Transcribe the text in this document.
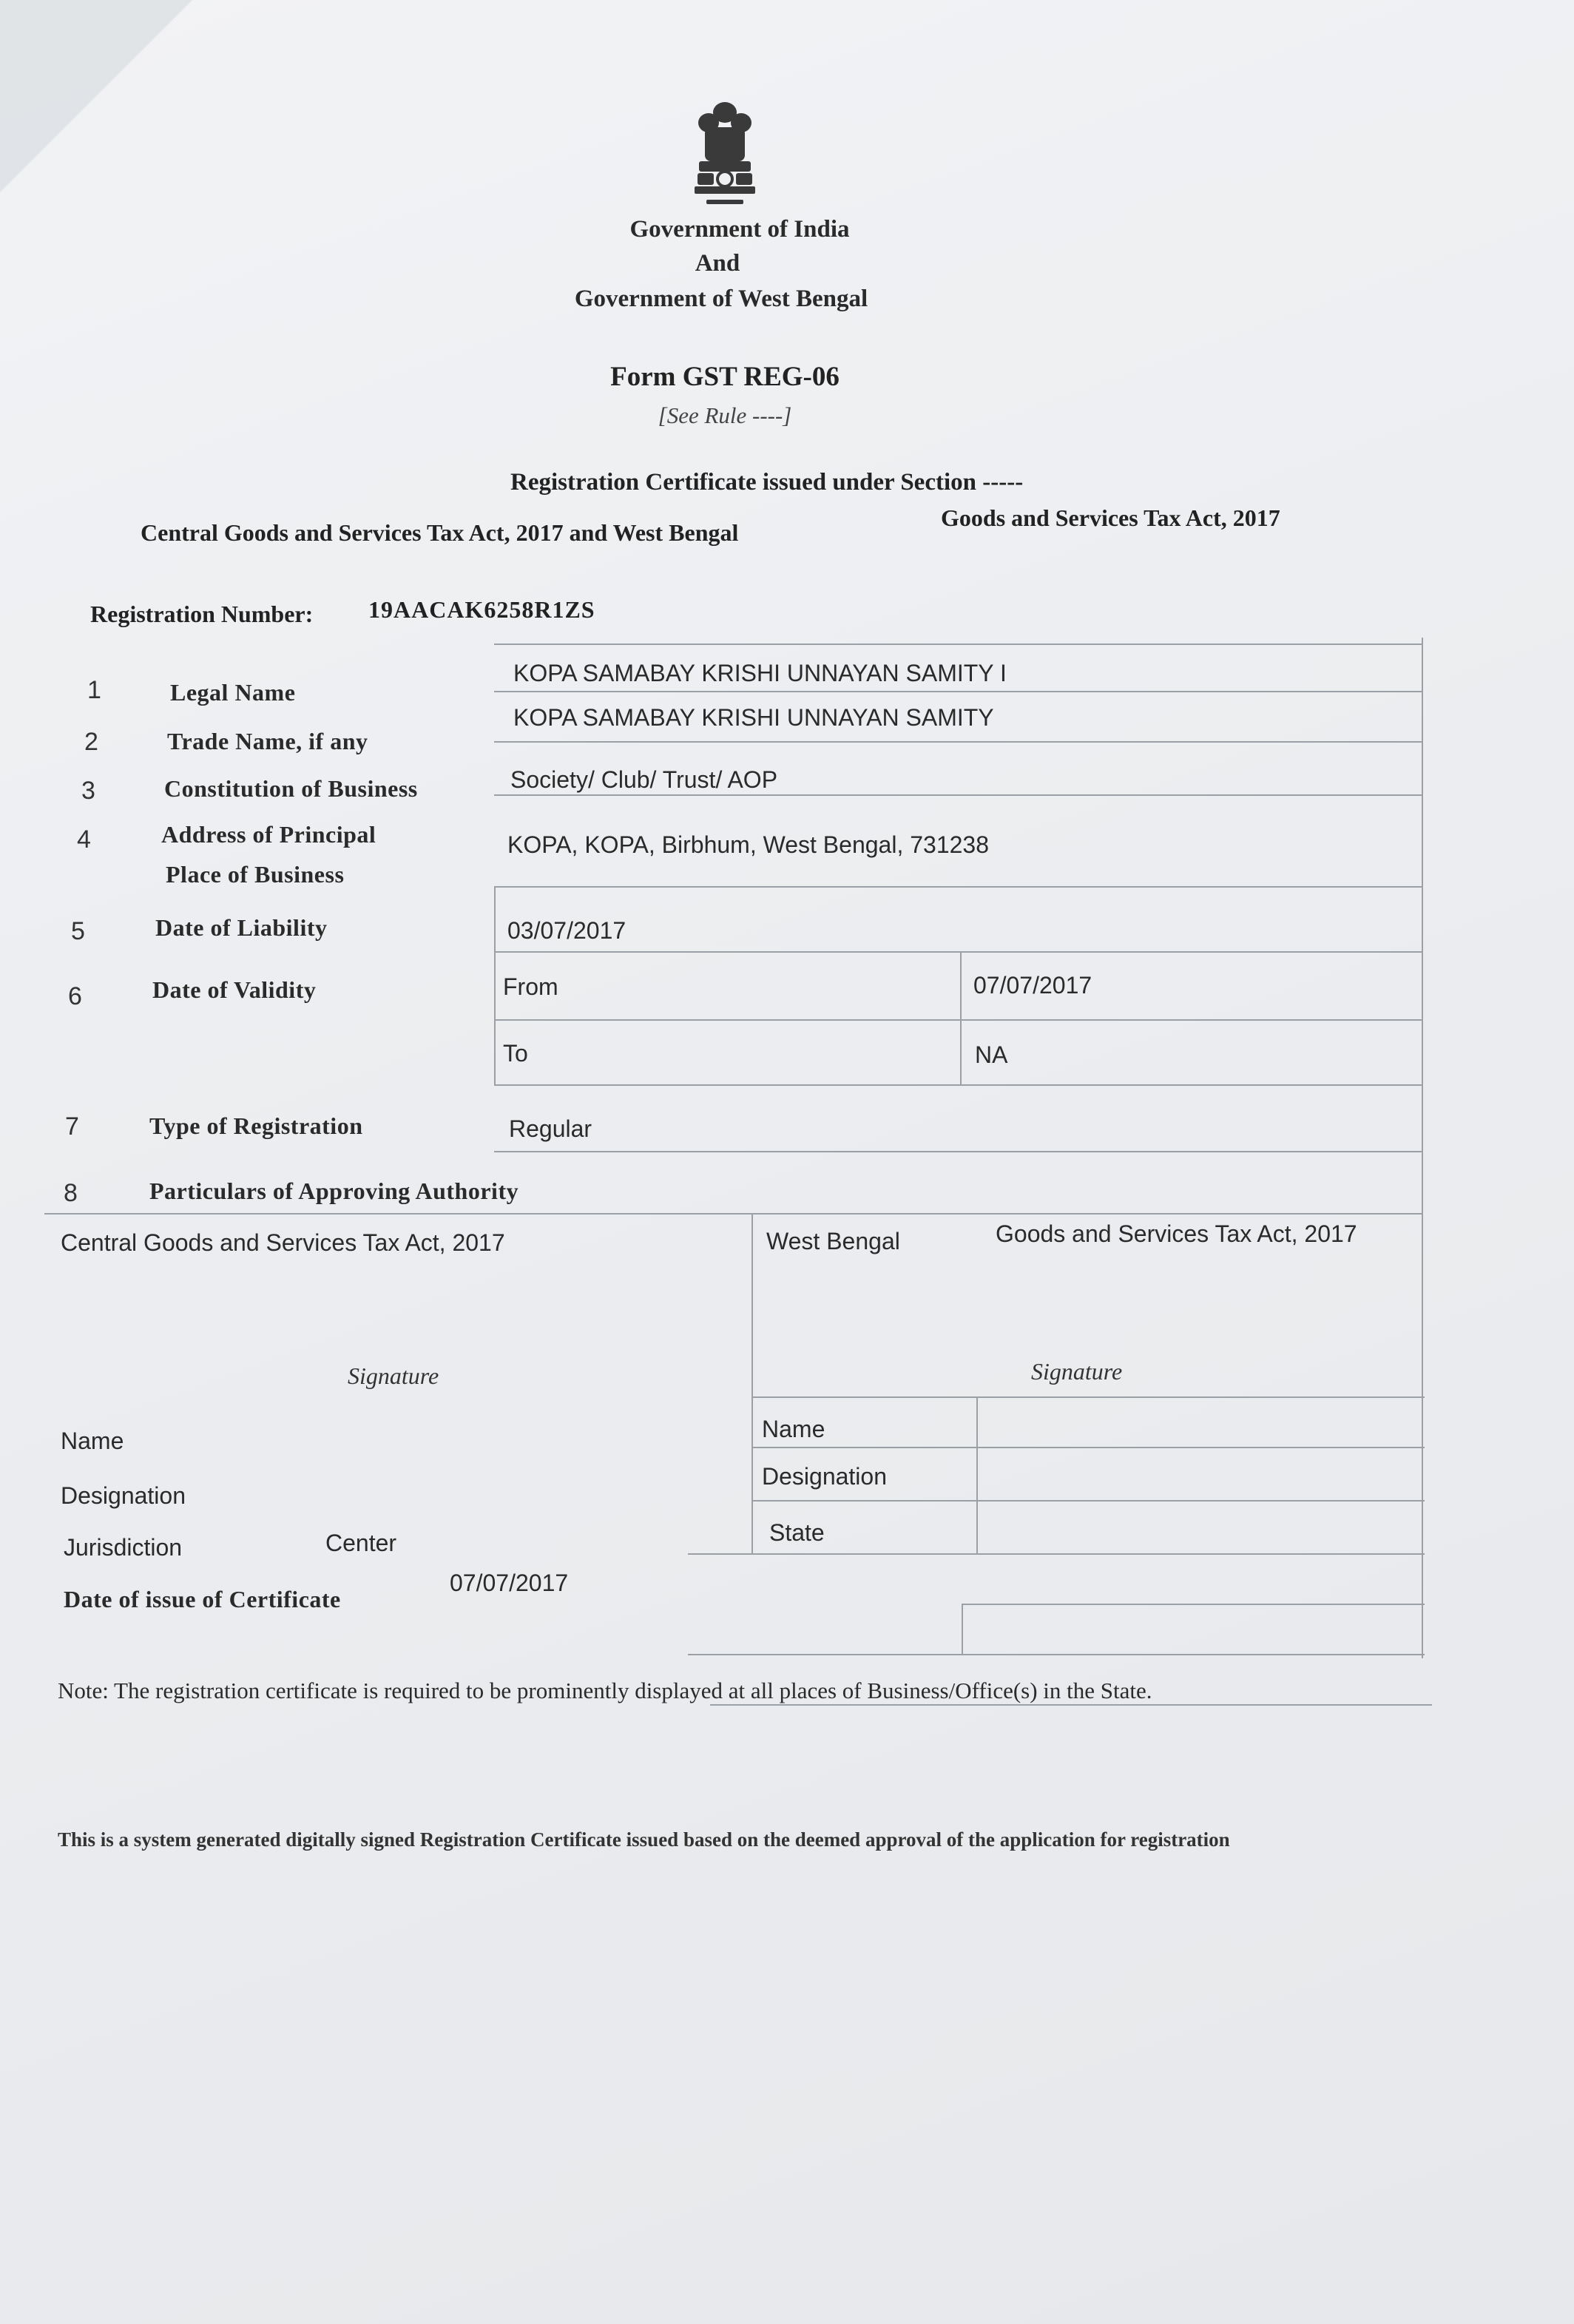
Government of India
And
Government of West Bengal
Form GST REG-06
[See Rule ----]
Registration Certificate issued under Section -----
Central Goods and Services Tax Act, 2017 and West Bengal
Goods and Services Tax Act, 2017
Registration Number: 19AACAK6258R1ZS
1	Legal Name
KOPA SAMABAY KRISHI UNNAYAN SAMITY I
2	Trade Name, if any
KOPA SAMABAY KRISHI UNNAYAN SAMITY
3	Constitution of Business	Society/ Club/ Trust/ AOP
4	Address of Principal
Place of Business
KOPA, KOPA, Birbhum, West Bengal, 731238
5	Date of Liability	03/07/2017
6	Date of Validity	From	07/07/2017
To	NA
7	Type of Registration	Regular
8	Particulars of Approving Authority
Central Goods and Services Tax Act, 2017	West Bengal	Goods and Services Tax Act, 2017
Signature	Signature
Name
Designation
Jurisdiction	Center
Name
Designation
State
Date of issue of Certificate
07/07/2017
Note: The registration certificate is required to be prominently displayed at all places of Business/Office(s) in the State.
This is a system generated digitally signed Registration Certificate issued based on the deemed approval of the application for registration
